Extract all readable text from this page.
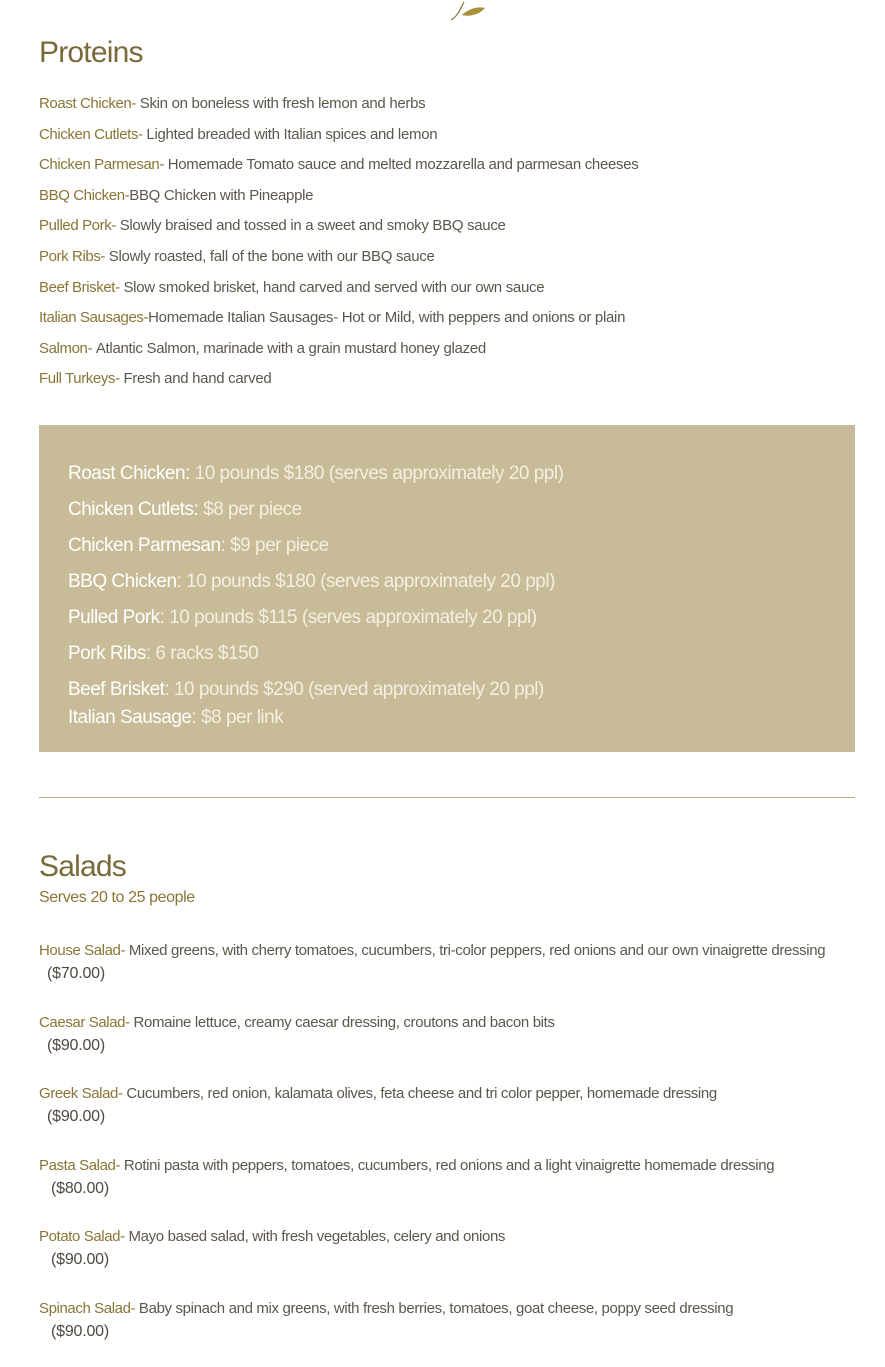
Proteins
Roast Chicken- Skin on boneless with fresh lemon and herbs
Chicken Cutlets- Lighted breaded with Italian spices and lemon
Chicken Parmesan- Homemade Tomato sauce and melted mozzarella and parmesan cheeses
BBQ Chicken-BBQ Chicken with Pineapple
Pulled Pork- Slowly braised and tossed in a sweet and smoky BBQ sauce
Pork Ribs- Slowly roasted, fall of the bone with our BBQ sauce
Beef Brisket- Slow smoked brisket, hand carved and served with our own sauce
Italian Sausages-Homemade Italian Sausages- Hot or Mild, with peppers and onions or plain
Salmon- Atlantic Salmon, marinade with a grain mustard honey glazed
Full Turkeys- Fresh and hand carved
Roast Chicken: 10 pounds $180 (serves approximately 20 ppl)
Chicken Cutlets: $8 per piece
Chicken Parmesan: $9 per piece
BBQ Chicken: 10 pounds $180 (serves approximately 20 ppl)
Pulled Pork: 10 pounds $115 (serves approximately 20 ppl)
Pork Ribs: 6 racks $150
Beef Brisket: 10 pounds $290 (served approximately 20 ppl)
Italian Sausage: $8 per link
Salads

Serves 20 to 25 people

House Salad- Mixed greens, with cherry tomatoes, cucumbers, tri-color peppers, red onions and our own vinaigrette dressing
($70.00)
Caesar Salad- Romaine lettuce, creamy caesar dressing, croutons and bacon bits
($90.00)
Greek Salad- Cucumbers, red onion, kalamata olives, feta cheese and tri color pepper, homemade dressing
($90.00)
Pasta Salad- Rotini pasta with peppers, tomatoes, cucumbers, red onions and a light vinaigrette homemade dressing
($80.00)
Potato Salad- Mayo based salad, with fresh vegetables, celery and onions
($90.00)
Spinach Salad- Baby spinach and mix greens, with fresh berries, tomatoes, goat cheese, poppy seed dressing
($90.00)
